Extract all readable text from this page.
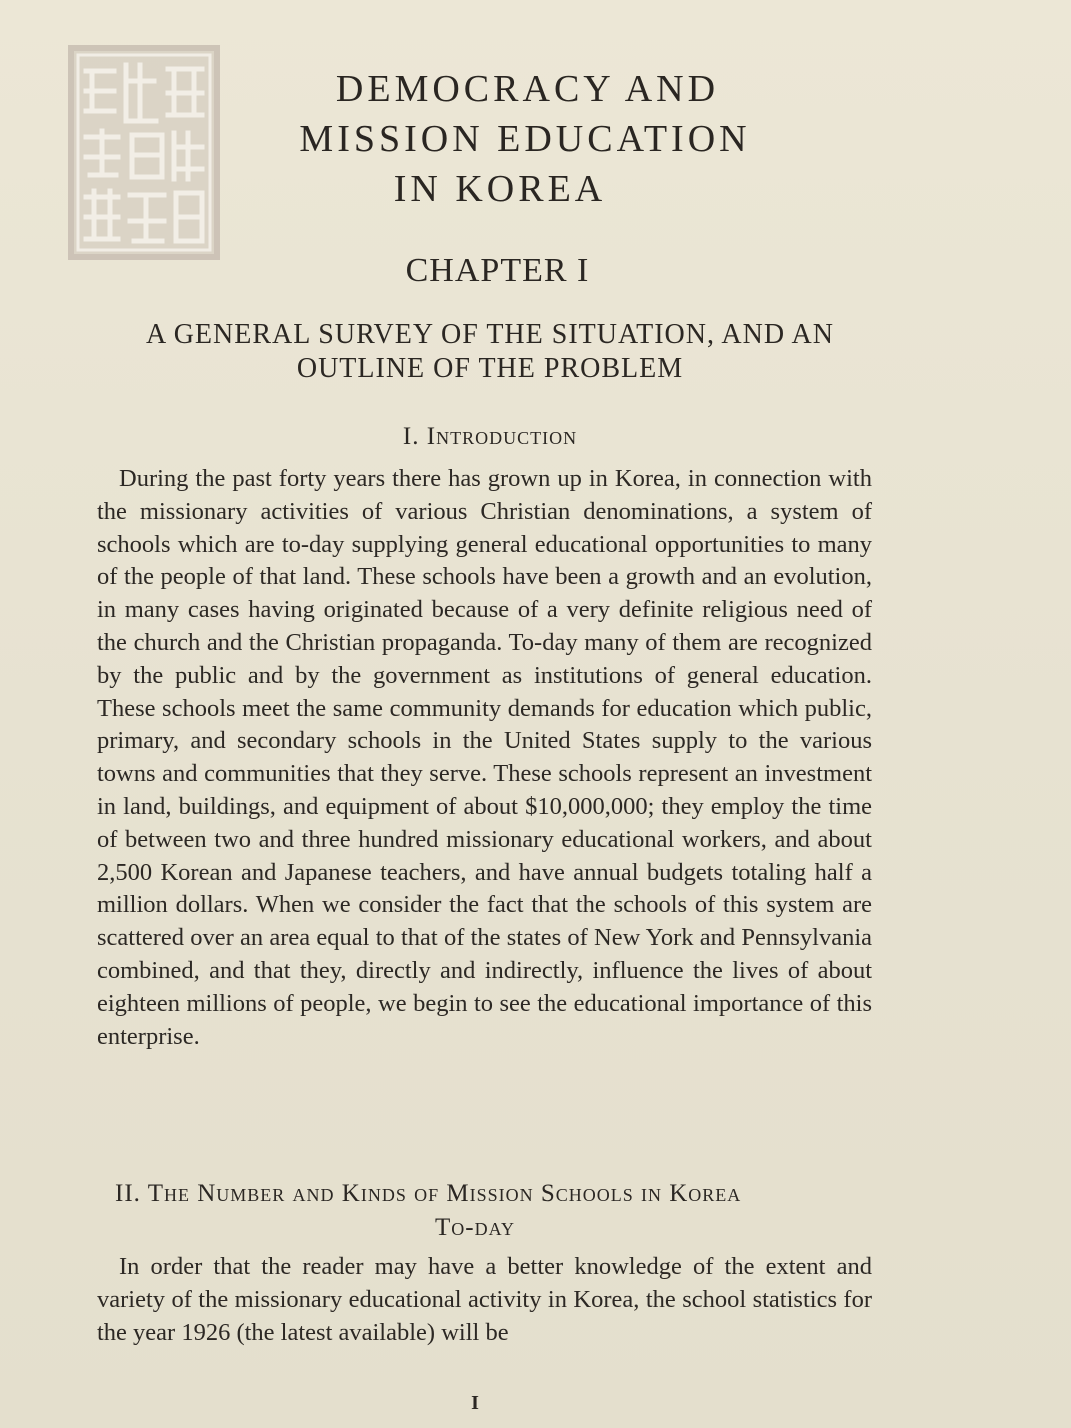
DEMOCRACY AND
MISSION EDUCATION
IN KOREA
CHAPTER I
A GENERAL SURVEY OF THE SITUATION, AND AN
OUTLINE OF THE PROBLEM
I. Introduction
During the past forty years there has grown up in Korea, in connection with the missionary activities of various Christian denominations, a system of schools which are to-day supplying general educational opportunities to many of the people of that land. These schools have been a growth and an evolution, in many cases having originated because of a very definite religious need of the church and the Christian propaganda. To-day many of them are recognized by the public and by the government as institutions of general education. These schools meet the same community demands for education which public, primary, and secondary schools in the United States supply to the various towns and communities that they serve. These schools represent an investment in land, buildings, and equipment of about $10,000,000; they employ the time of between two and three hundred missionary educational workers, and about 2,500 Korean and Japanese teachers, and have annual budgets totaling half a million dollars. When we consider the fact that the schools of this system are scattered over an area equal to that of the states of New York and Pennsylvania combined, and that they, directly and indirectly, influence the lives of about eighteen millions of people, we begin to see the educational importance of this enterprise.
II. The Number and Kinds of Mission Schools in Korea
To-day
In order that the reader may have a better knowledge of the extent and variety of the missionary educational activity in Korea, the school statistics for the year 1926 (the latest available) will be
I
